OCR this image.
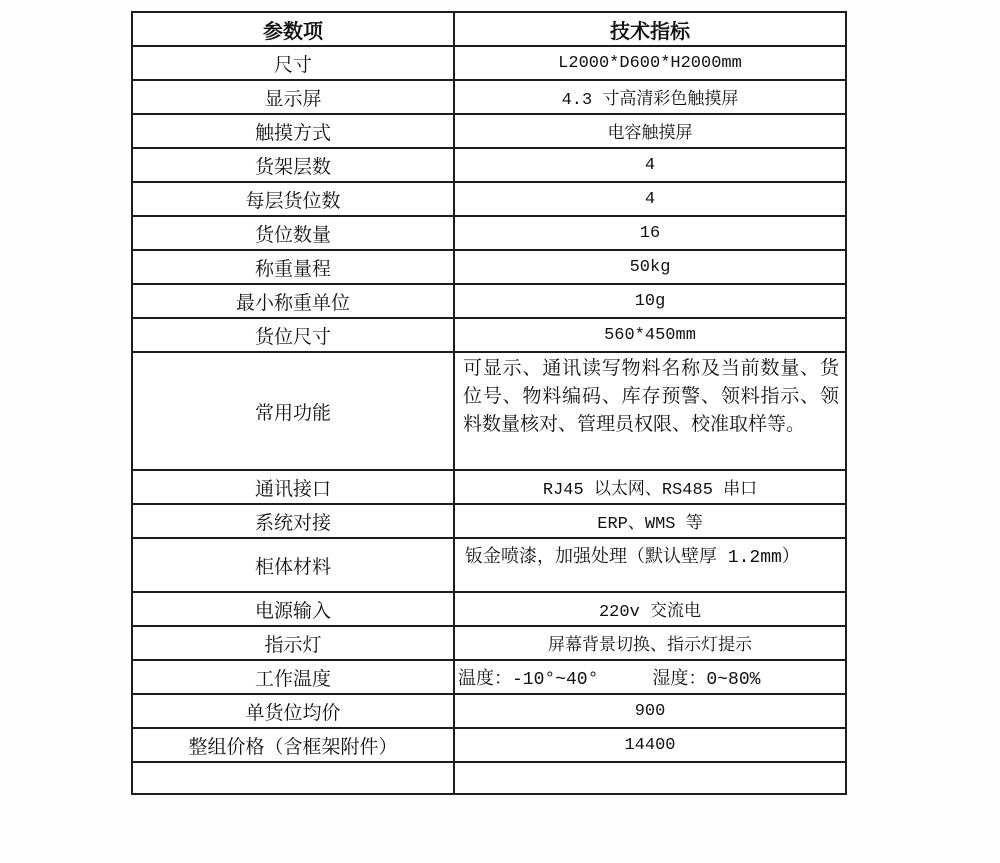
参数项	技术指标
尺寸	L2000*D600*H2000mm
显示屏	4.3 寸高清彩色触摸屏
触摸方式	电容触摸屏
货架层数	4
每层货位数	4
货位数量	16
称重量程	50kg
最小称重单位	10g
货位尺寸	560*450mm
常用功能	可显示、通讯读写物料名称及当前数量、货位号、物料编码、库存预警、领料指示、领料数量核对、管理员权限、校准取样等。
通讯接口	RJ45 以太网、RS485 串口
系统对接	ERP、WMS 等
柜体材料	钣金喷漆，加强处理（默认壁厚 1.2mm）
电源输入	220v 交流电
指示灯	屏幕背景切换、指示灯提示
工作温度	温度：-10°~40°　　　湿度：0~80%
单货位均价	900
整组价格（含框架附件）	14400
